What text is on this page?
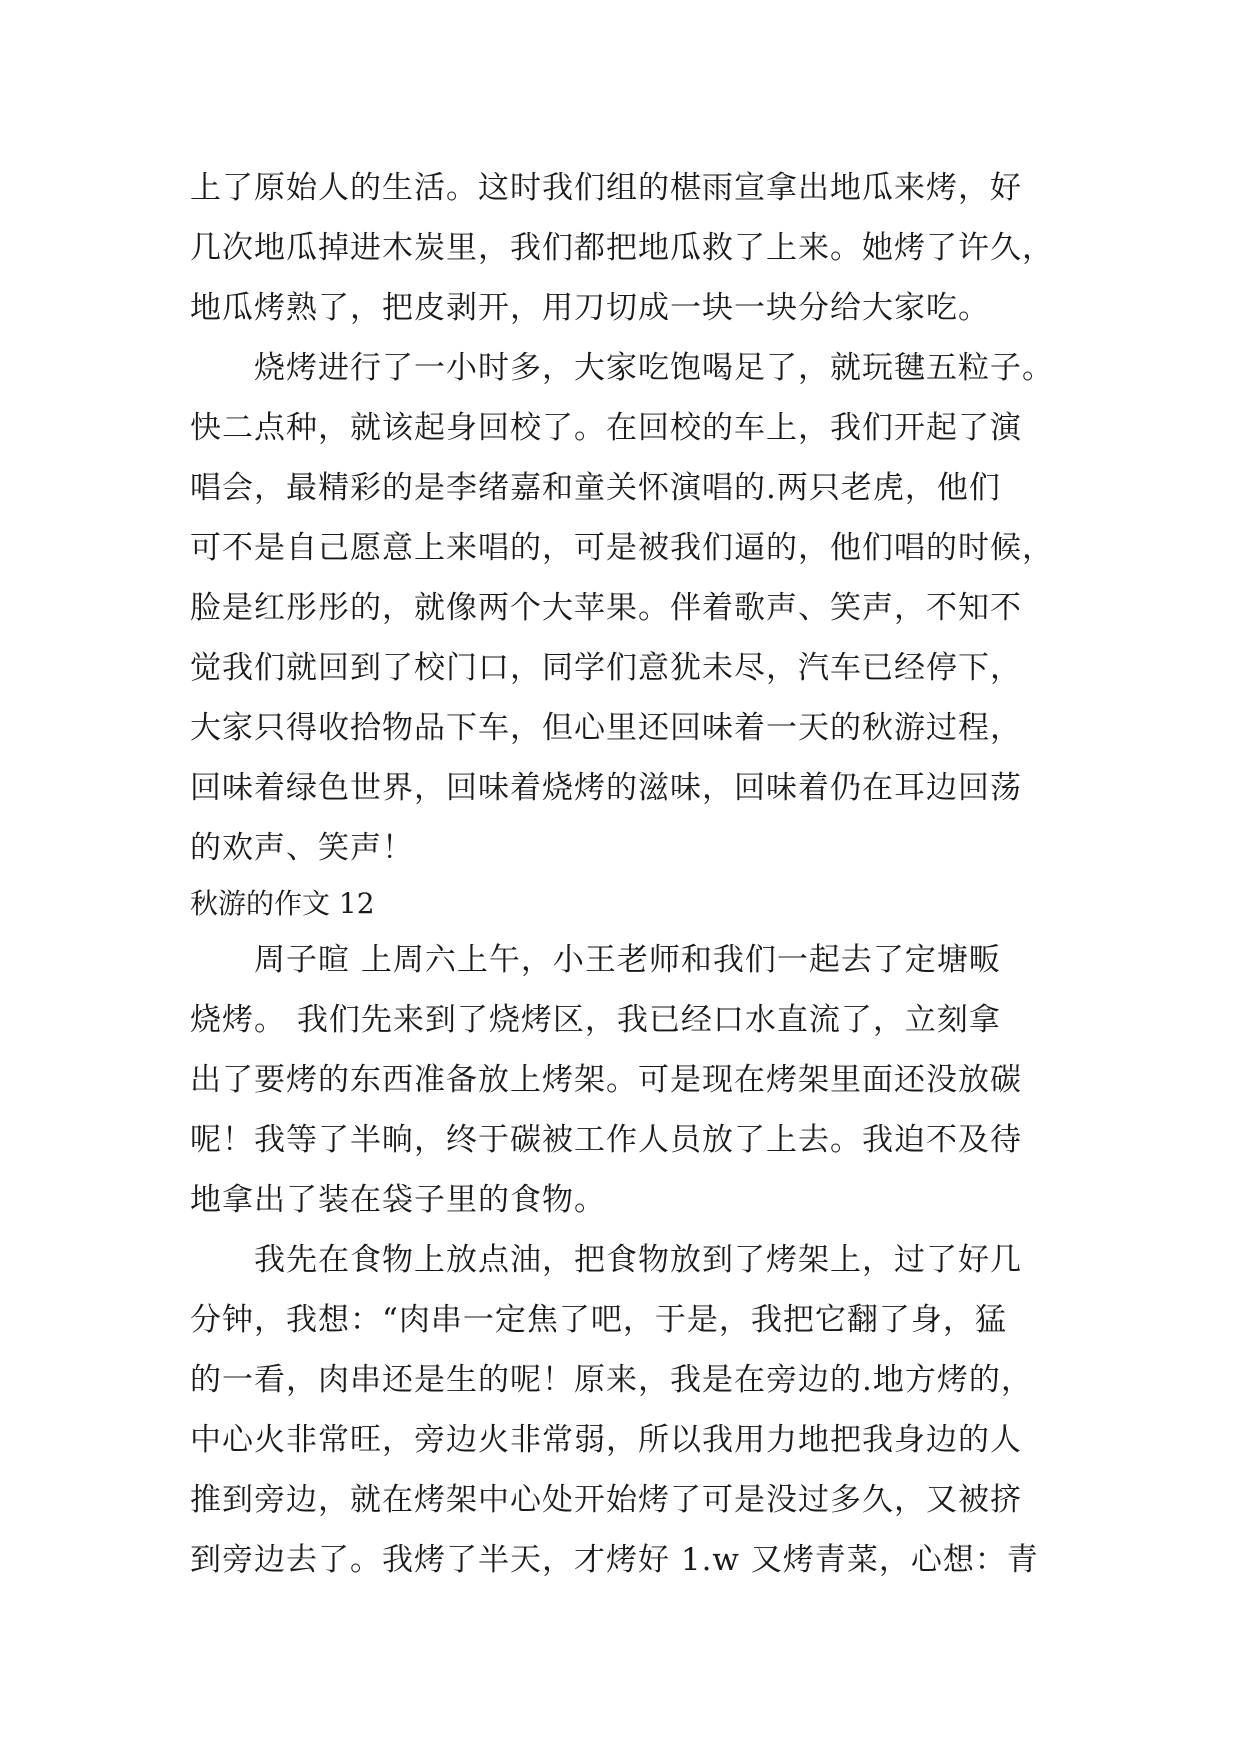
上了原始人的生活。这时我们组的椹雨宣拿出地瓜来烤，好
几次地瓜掉进木炭里，我们都把地瓜救了上来。她烤了许久，
地瓜烤熟了，把皮剥开，用刀切成一块一块分给大家吃。
　　烧烤进行了一小时多，大家吃饱喝足了，就玩毽五粒子。
快二点种，就该起身回校了。在回校的车上，我们开起了演
唱会，最精彩的是李绪嘉和童关怀演唱的.两只老虎，他们
可不是自己愿意上来唱的，可是被我们逼的，他们唱的时候，
脸是红彤彤的，就像两个大苹果。伴着歌声、笑声，不知不
觉我们就回到了校门口，同学们意犹未尽，汽车已经停下，
大家只得收拾物品下车，但心里还回味着一天的秋游过程，
回味着绿色世界，回味着烧烤的滋味，回味着仍在耳边回荡
的欢声、笑声！
秋游的作文 12
　　周子暄 上周六上午，小王老师和我们一起去了定塘畈
烧烤。 我们先来到了烧烤区，我已经口水直流了，立刻拿
出了要烤的东西准备放上烤架。可是现在烤架里面还没放碳
呢！我等了半晌，终于碳被工作人员放了上去。我迫不及待
地拿出了装在袋子里的食物。
　　我先在食物上放点油，把食物放到了烤架上，过了好几
分钟，我想：“肉串一定焦了吧，于是，我把它翻了身，猛
的一看，肉串还是生的呢！原来，我是在旁边的.地方烤的，
中心火非常旺，旁边火非常弱，所以我用力地把我身边的人
推到旁边，就在烤架中心处开始烤了可是没过多久，又被挤
到旁边去了。我烤了半天，才烤好 1.w 又烤青菜，心想：青
